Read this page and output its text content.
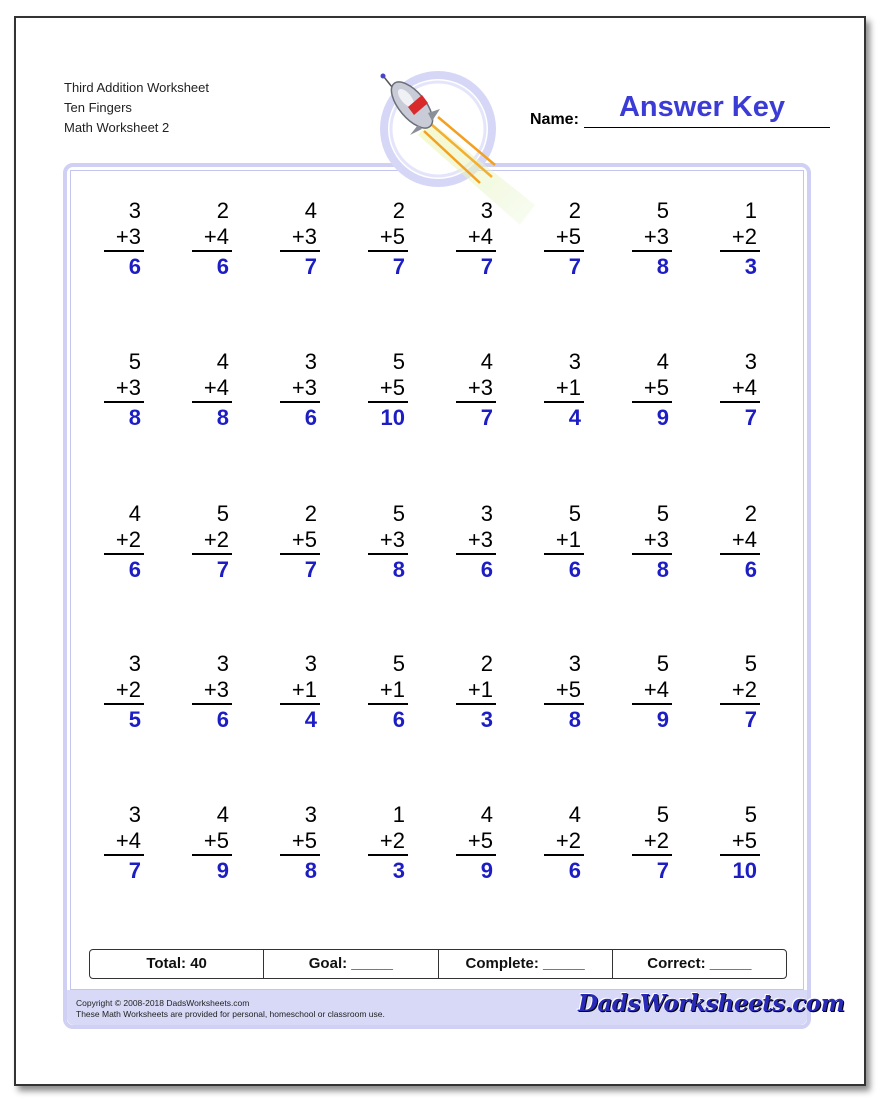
Third Addition Worksheet
Ten Fingers
Math Worksheet 2	Name:	Answer Key
3
+3
6
2
+4
6
4
+3
7
2
+5
7
3
+4
7
2
+5
7
5
+3
8
1
+2
3
5
+3
8
4
+4
8
3
+3
6
5
+5
10
4
+3
7
3
+1
4
4
+5
9
3
+4
7
4
+2
6
5
+2
7
2
+5
7
5
+3
8
3
+3
6
5
+1
6
5
+3
8
2
+4
6
3
+2
5
3
+3
6
3
+1
4
5
+1
6
2
+1
3
3
+5
8
5
+4
9
5
+2
7
3
+4
7
4
+5
9
3
+5
8
1
+2
3
4
+5
9
4
+2
6
5
+2
7
5
+5
10
Total: 40	Goal: _____	Complete: _____	Correct: _____
Copyright © 2008-2018 DadsWorksheets.com
These Math Worksheets are provided for personal, homeschool or classroom use.	DadsWorksheets.com
